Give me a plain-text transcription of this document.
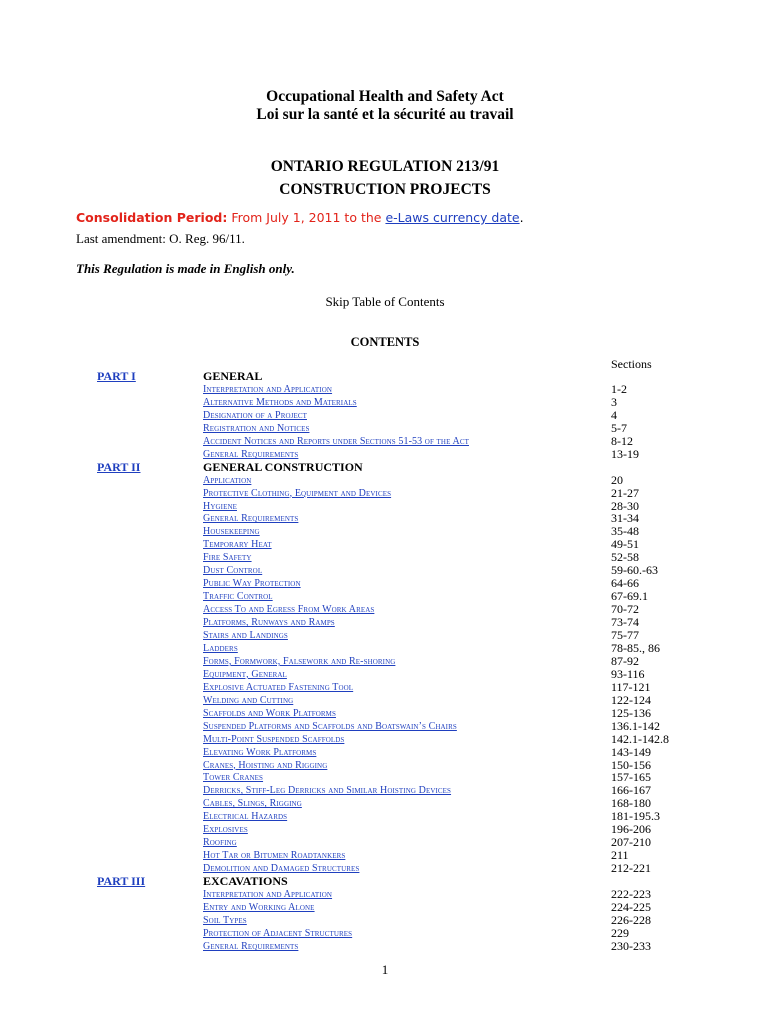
Occupational Health and Safety Act
Loi sur la santé et la sécurité au travail
ONTARIO REGULATION 213/91
CONSTRUCTION PROJECTS
Consolidation Period: From July 1, 2011 to the e-Laws currency date.
Last amendment: O. Reg. 96/11.
This Regulation is made in English only.
Skip Table of Contents
CONTENTS
Sections
PART I	GENERAL
Interpretation and Application	1-2
Alternative Methods and Materials	3
Designation of a Project	4
Registration and Notices	5-7
Accident Notices and Reports under Sections 51-53 of the Act	8-12
General Requirements	13-19
PART II	GENERAL CONSTRUCTION
Application	20
Protective Clothing, Equipment and Devices	21-27
Hygiene	28-30
General Requirements	31-34
Housekeeping	35-48
Temporary Heat	49-51
Fire Safety	52-58
Dust Control	59-60.-63
Public Way Protection	64-66
Traffic Control	67-69.1
Access To and Egress From Work Areas	70-72
Platforms, Runways and Ramps	73-74
Stairs and Landings	75-77
Ladders	78-85., 86
Forms, Formwork, Falsework and Re-shoring	87-92
Equipment, General	93-116
Explosive Actuated Fastening Tool	117-121
Welding and Cutting	122-124
Scaffolds and Work Platforms	125-136
Suspended Platforms and Scaffolds and Boatswain’s Chairs	136.1-142
Multi-Point Suspended Scaffolds	142.1-142.8
Elevating Work Platforms	143-149
Cranes, Hoisting and Rigging	150-156
Tower Cranes	157-165
Derricks, Stiff-Leg Derricks and Similar Hoisting Devices	166-167
Cables, Slings, Rigging	168-180
Electrical Hazards	181-195.3
Explosives	196-206
Roofing	207-210
Hot Tar or Bitumen Roadtankers	211
Demolition and Damaged Structures	212-221
PART III	EXCAVATIONS
Interpretation and Application	222-223
Entry and Working Alone	224-225
Soil Types	226-228
Protection of Adjacent Structures	229
General Requirements	230-233
1
